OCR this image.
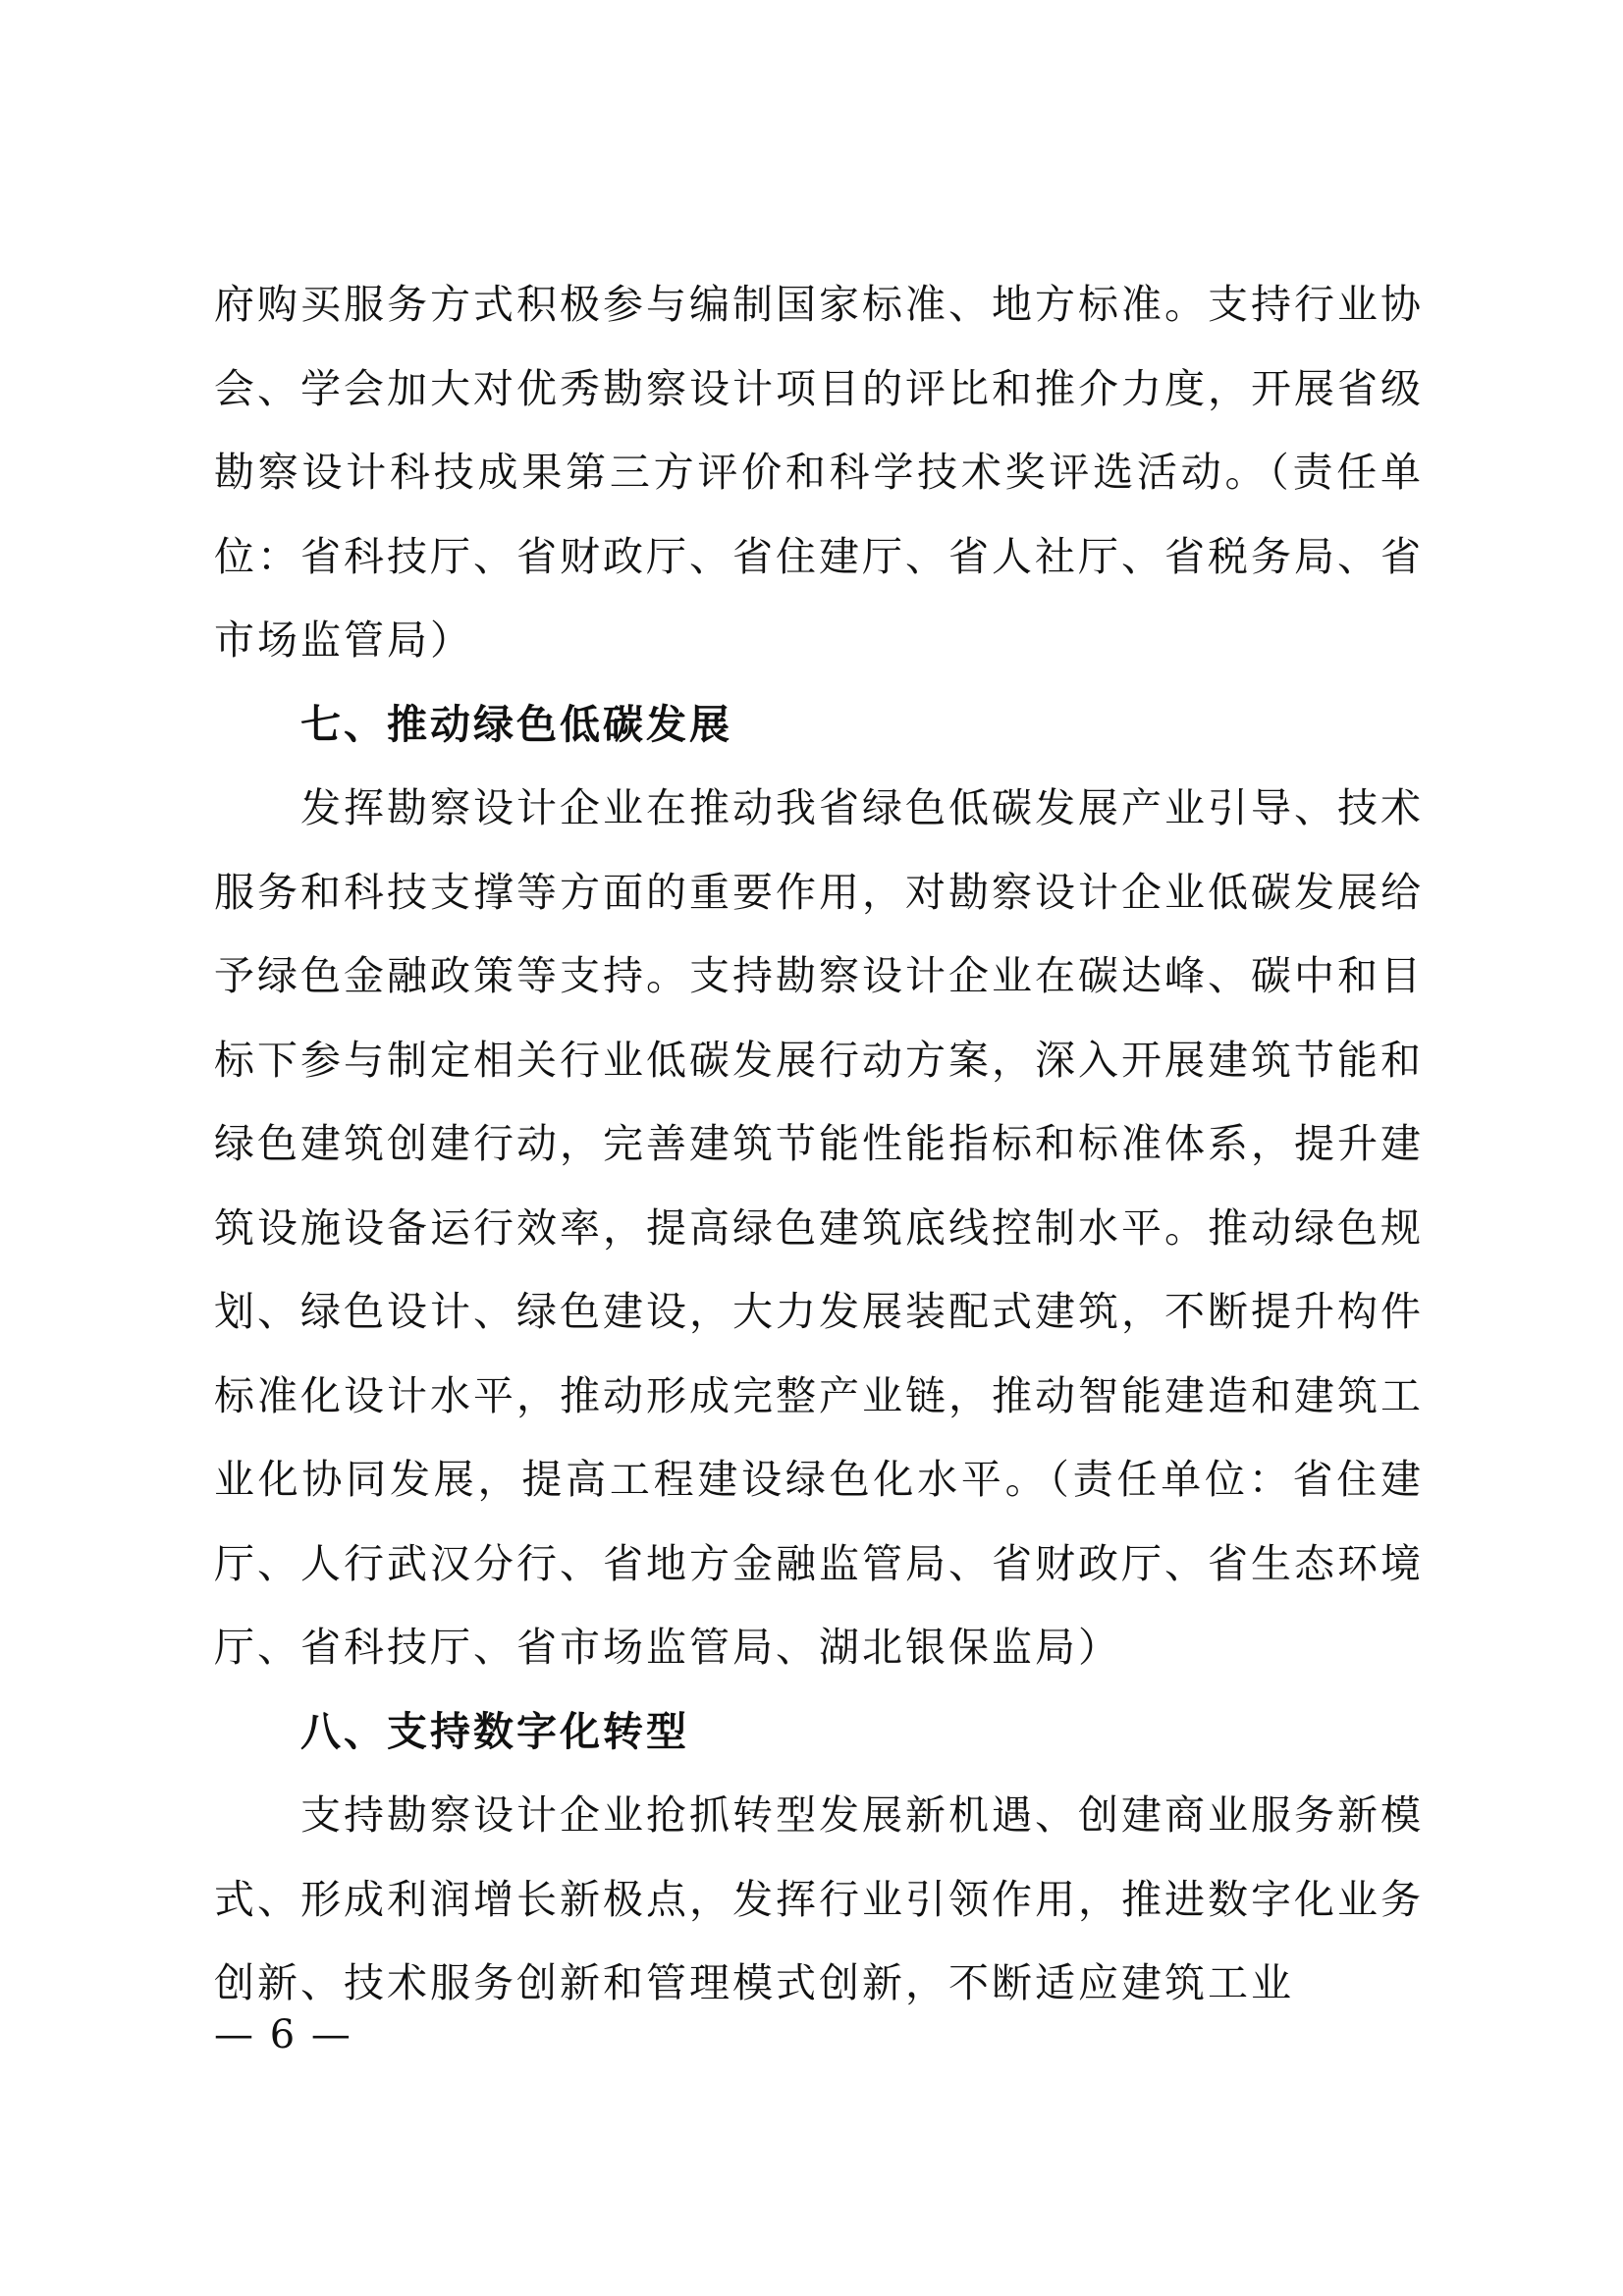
府购买服务方式积极参与编制国家标准、地方标准。支持行业协会、学会加大对优秀勘察设计项目的评比和推介力度，开展省级勘察设计科技成果第三方评价和科学技术奖评选活动。（责任单位：省科技厅、省财政厅、省住建厅、省人社厅、省税务局、省市场监管局）

七、推动绿色低碳发展

发挥勘察设计企业在推动我省绿色低碳发展产业引导、技术服务和科技支撑等方面的重要作用，对勘察设计企业低碳发展给予绿色金融政策等支持。支持勘察设计企业在碳达峰、碳中和目标下参与制定相关行业低碳发展行动方案，深入开展建筑节能和绿色建筑创建行动，完善建筑节能性能指标和标准体系，提升建筑设施设备运行效率，提高绿色建筑底线控制水平。推动绿色规划、绿色设计、绿色建设，大力发展装配式建筑，不断提升构件标准化设计水平，推动形成完整产业链，推动智能建造和建筑工业化协同发展，提高工程建设绿色化水平。（责任单位：省住建厅、人行武汉分行、省地方金融监管局、省财政厅、省生态环境厅、省科技厅、省市场监管局、湖北银保监局）

八、支持数字化转型

支持勘察设计企业抢抓转型发展新机遇、创建商业服务新模式、形成利润增长新极点，发挥行业引领作用，推进数字化业务创新、技术服务创新和管理模式创新，不断适应建筑工业

— 6 —
